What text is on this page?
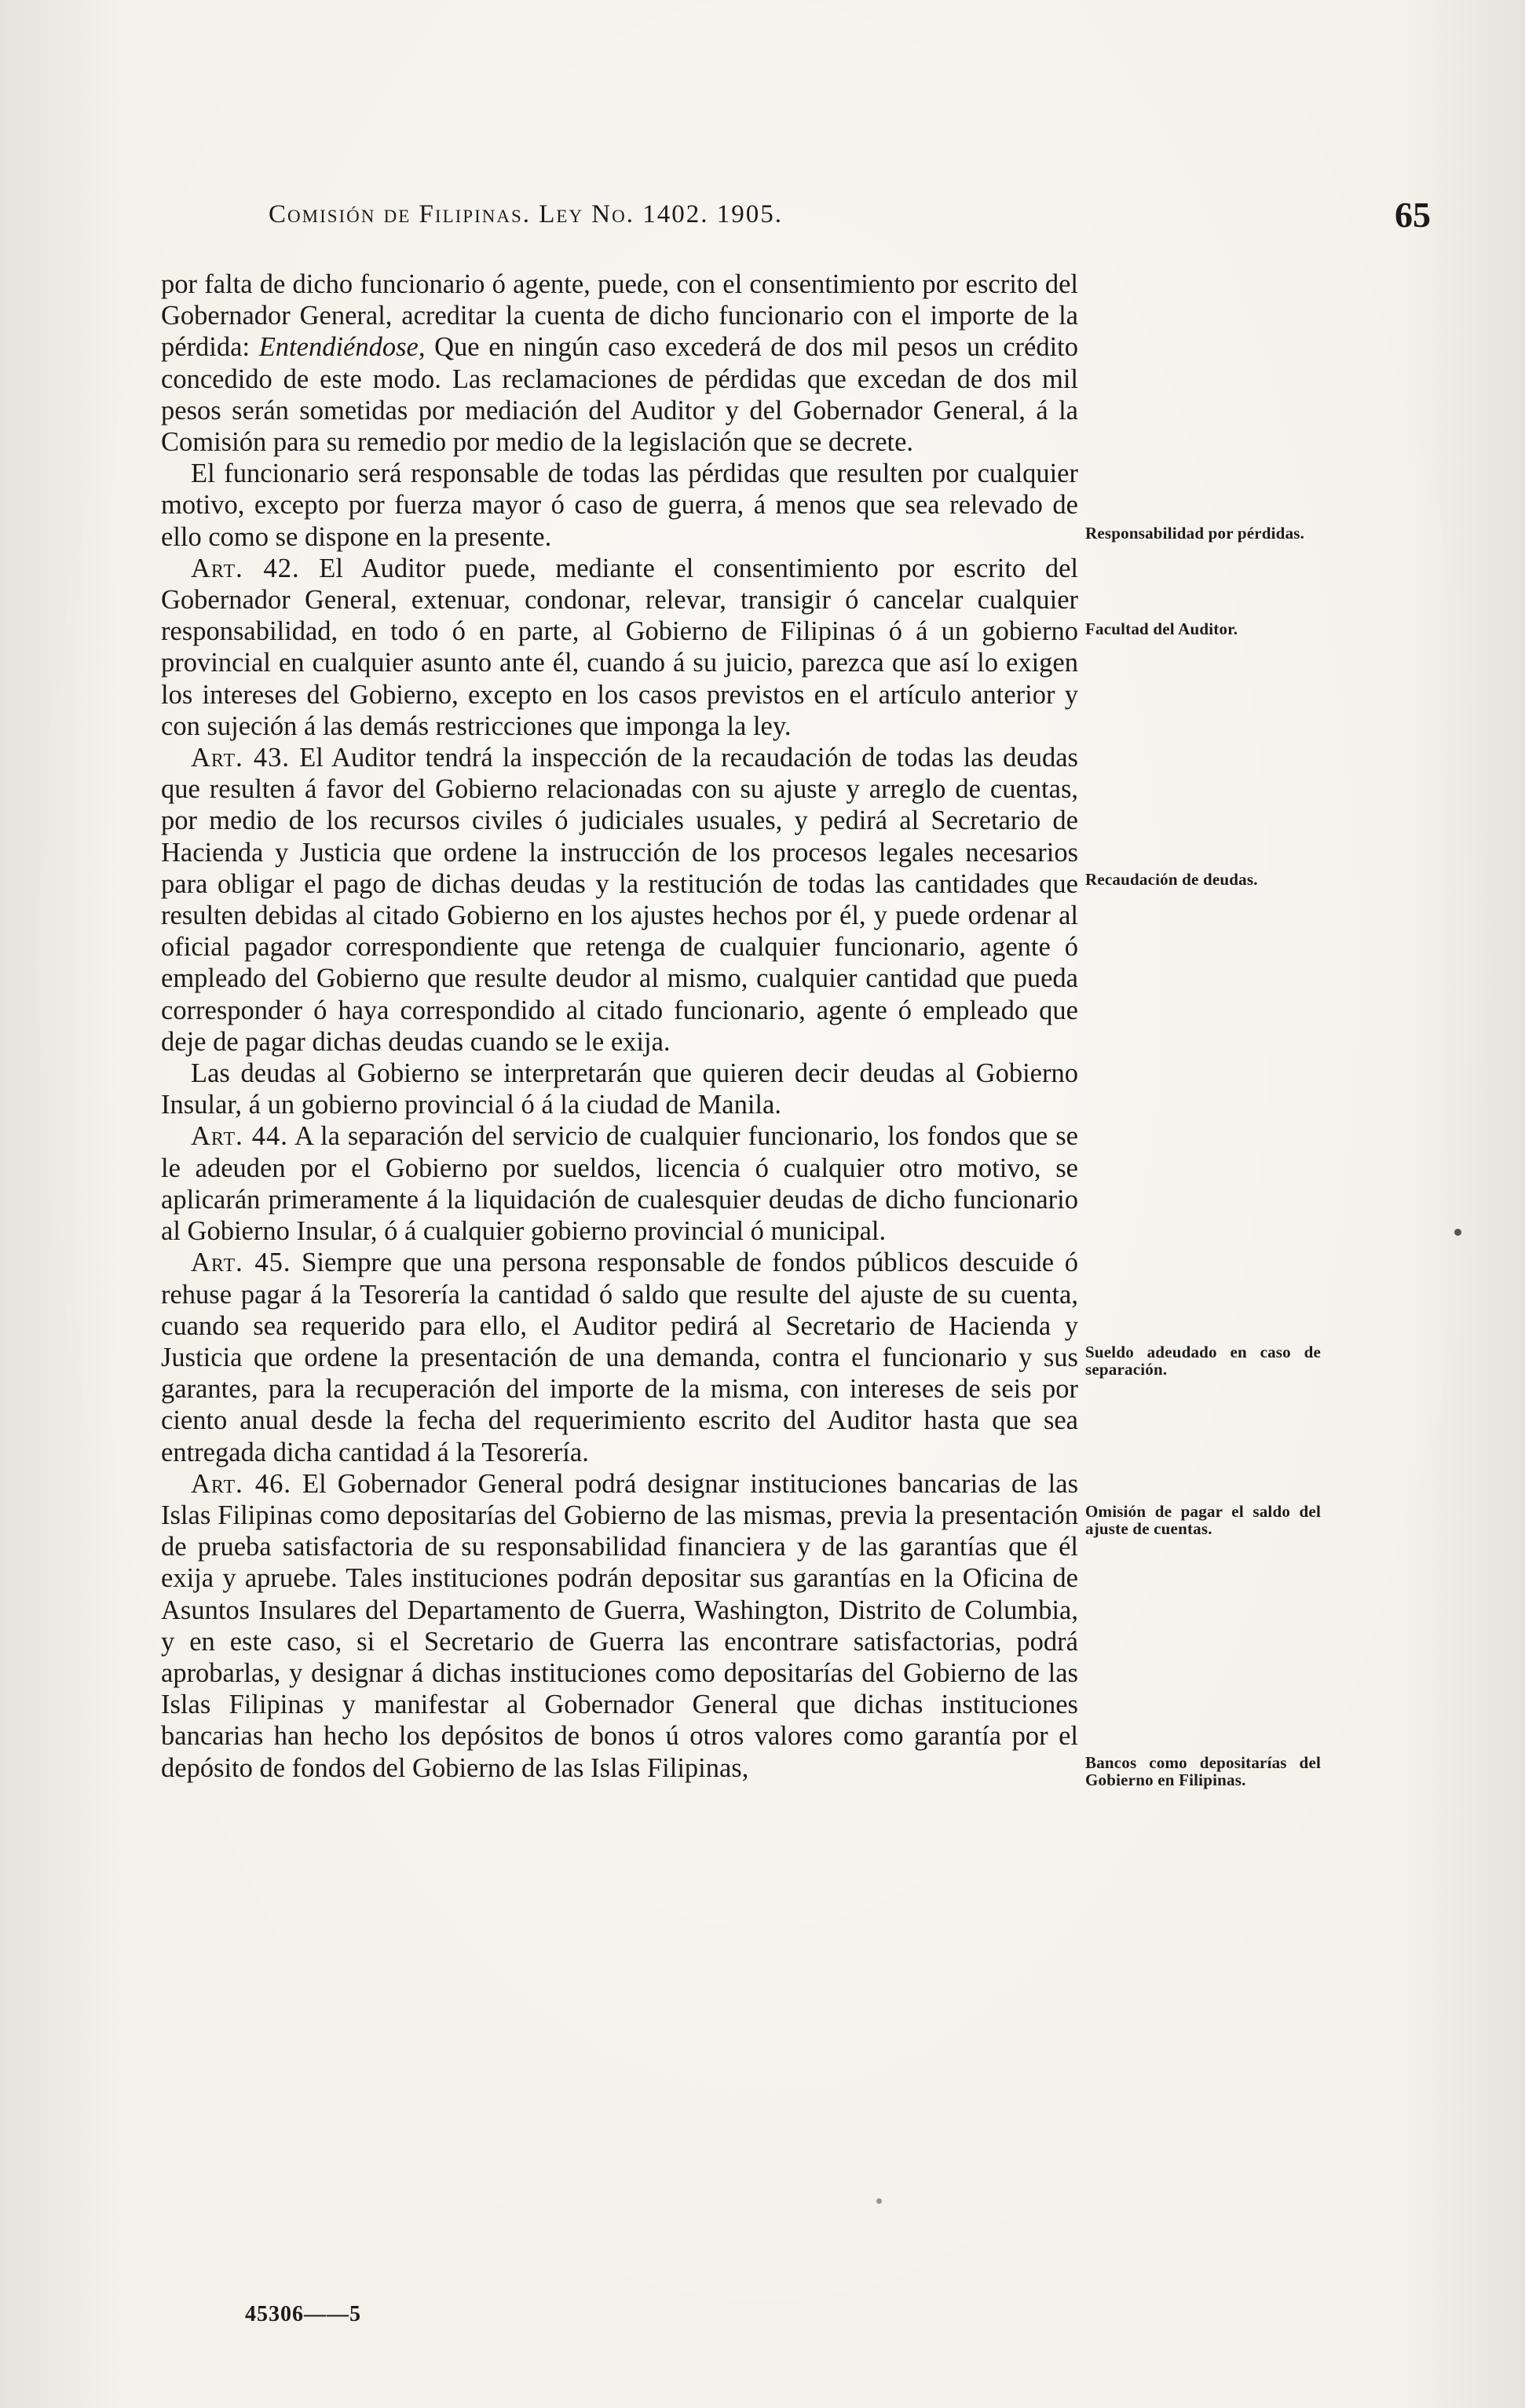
Comisión de Filipinas. Ley No. 1402. 1905.	65

por falta de dicho funcionario ó agente, puede, con el consentimiento por escrito del Gobernador General, acreditar la cuenta de dicho funcionario con el importe de la pérdida: Entendiéndose, Que en ningún caso excederá de dos mil pesos un crédito concedido de este modo. Las reclamaciones de pérdidas que excedan de dos mil pesos serán sometidas por mediación del Auditor y del Gobernador General, á la Comisión para su remedio por medio de la legislación que se decrete.

El funcionario será responsable de todas las pérdidas que resulten por cualquier motivo, excepto por fuerza mayor ó caso de guerra, á menos que sea relevado de ello como se dispone en la presente.

Art. 42. El Auditor puede, mediante el consentimiento por escrito del Gobernador General, extenuar, condonar, relevar, transigir ó cancelar cualquier responsabilidad, en todo ó en parte, al Gobierno de Filipinas ó á un gobierno provincial en cualquier asunto ante él, cuando á su juicio, parezca que así lo exigen los intereses del Gobierno, excepto en los casos previstos en el artículo anterior y con sujeción á las demás restricciones que imponga la ley.

Art. 43. El Auditor tendrá la inspección de la recaudación de todas las deudas que resulten á favor del Gobierno relacionadas con su ajuste y arreglo de cuentas, por medio de los recursos civiles ó judiciales usuales, y pedirá al Secretario de Hacienda y Justicia que ordene la instrucción de los procesos legales necesarios para obligar el pago de dichas deudas y la restitución de todas las cantidades que resulten debidas al citado Gobierno en los ajustes hechos por él, y puede ordenar al oficial pagador correspondiente que retenga de cualquier funcionario, agente ó empleado del Gobierno que resulte deudor al mismo, cualquier cantidad que pueda corresponder ó haya correspondido al citado funcionario, agente ó empleado que deje de pagar dichas deudas cuando se le exija.

Las deudas al Gobierno se interpretarán que quieren decir deudas al Gobierno Insular, á un gobierno provincial ó á la ciudad de Manila.

Art. 44. A la separación del servicio de cualquier funcionario, los fondos que se le adeuden por el Gobierno por sueldos, licencia ó cualquier otro motivo, se aplicarán primeramente á la liquidación de cualesquier deudas de dicho funcionario al Gobierno Insular, ó á cualquier gobierno provincial ó municipal.

Art. 45. Siempre que una persona responsable de fondos públicos descuide ó rehuse pagar á la Tesorería la cantidad ó saldo que resulte del ajuste de su cuenta, cuando sea requerido para ello, el Auditor pedirá al Secretario de Hacienda y Justicia que ordene la presentación de una demanda, contra el funcionario y sus garantes, para la recuperación del importe de la misma, con intereses de seis por ciento anual desde la fecha del requerimiento escrito del Auditor hasta que sea entregada dicha cantidad á la Tesorería.

Art. 46. El Gobernador General podrá designar instituciones bancarias de las Islas Filipinas como depositarías del Gobierno de las mismas, previa la presentación de prueba satisfactoria de su responsabilidad financiera y de las garantías que él exija y apruebe. Tales instituciones podrán depositar sus garantías en la Oficina de Asuntos Insulares del Departamento de Guerra, Washington, Distrito de Columbia, y en este caso, si el Secretario de Guerra las encontrare satisfactorias, podrá aprobarlas, y designar á dichas instituciones como depositarías del Gobierno de las Islas Filipinas y manifestar al Gobernador General que dichas instituciones bancarias han hecho los depósitos de bonos ú otros valores como garantía por el depósito de fondos del Gobierno de las Islas Filipinas,

Responsabilidad por pérdidas.
Facultad del Auditor.
Recaudación de deudas.
Sueldo adeudado en caso de separación.
Omisión de pagar el saldo del ajuste de cuentas.
Bancos como depositarías del Gobierno en Filipinas.
45306——5
